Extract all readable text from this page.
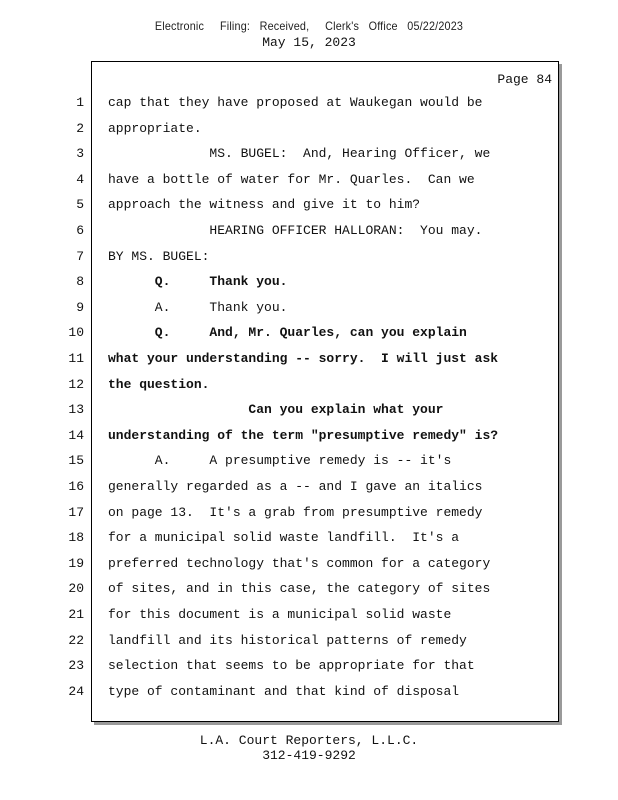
Electronic     Filing:   Received,     Clerk's   Office   05/22/2023
May 15, 2023
Page 84
cap that they have proposed at Waukegan would be
appropriate.
MS. BUGEL:  And, Hearing Officer, we
have a bottle of water for Mr. Quarles.  Can we
approach the witness and give it to him?
HEARING OFFICER HALLORAN:  You may.
BY MS. BUGEL:
Q.     Thank you.
A.     Thank you.
Q.     And, Mr. Quarles, can you explain
what your understanding -- sorry.  I will just ask
the question.
Can you explain what your
understanding of the term "presumptive remedy" is?
A.     A presumptive remedy is -- it's
generally regarded as a -- and I gave an italics
on page 13.  It's a grab from presumptive remedy
for a municipal solid waste landfill.  It's a
preferred technology that's common for a category
of sites, and in this case, the category of sites
for this document is a municipal solid waste
landfill and its historical patterns of remedy
selection that seems to be appropriate for that
type of contaminant and that kind of disposal
1
2
3
4
5
6
7
8
9
10
11
12
13
14
15
16
17
18
19
20
21
22
23
24
L.A. Court Reporters, L.L.C.
312-419-9292
